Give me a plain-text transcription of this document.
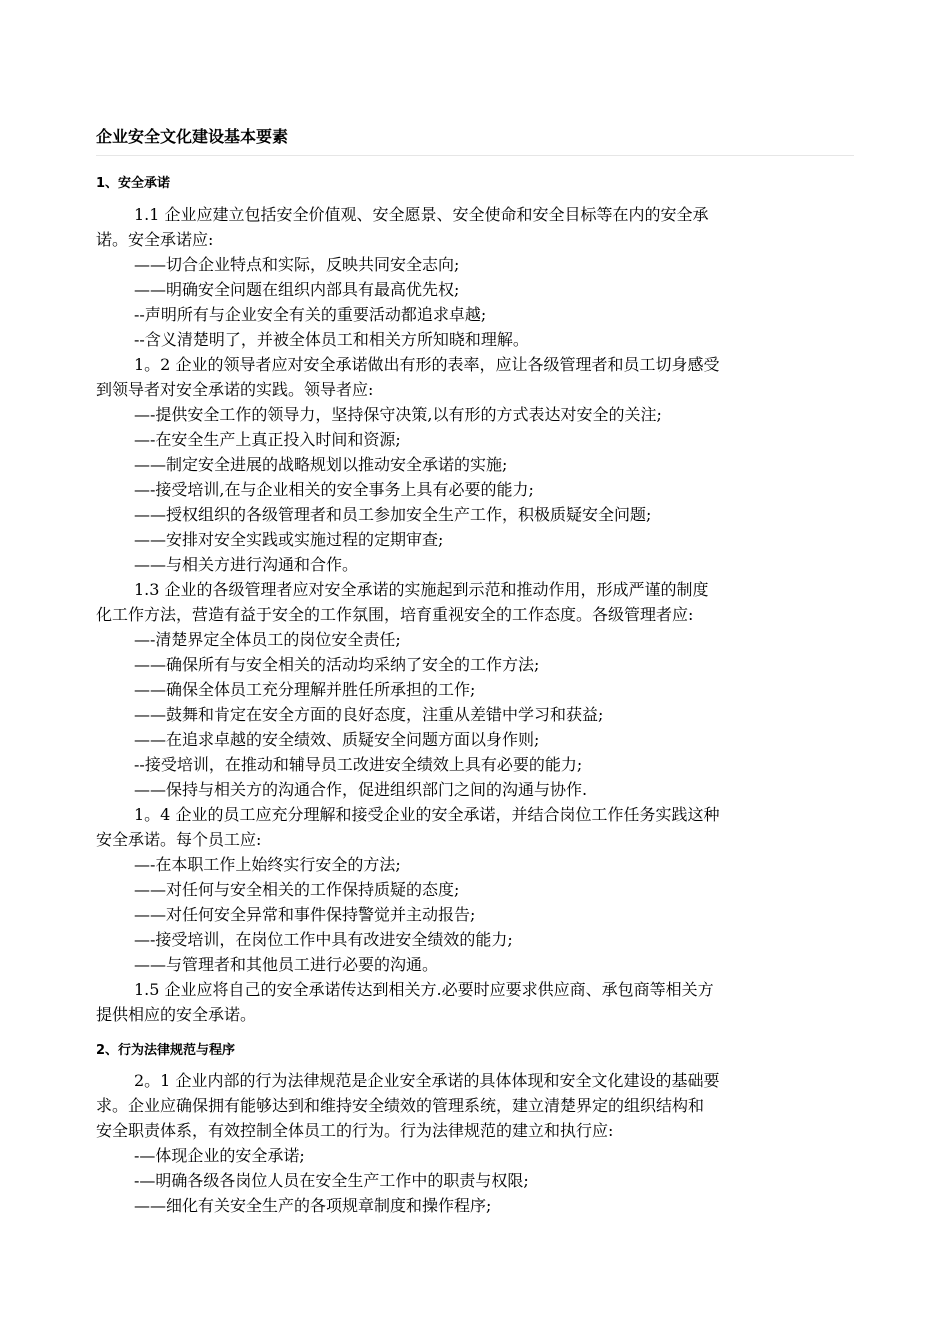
企业安全文化建设基本要素
1、安全承诺
1.1 企业应建立包括安全价值观、安全愿景、安全使命和安全目标等在内的安全承
诺。安全承诺应:
——切合企业特点和实际，反映共同安全志向;
——明确安全问题在组织内部具有最高优先权;
--声明所有与企业安全有关的重要活动都追求卓越;
--含义清楚明了，并被全体员工和相关方所知晓和理解。
1。2 企业的领导者应对安全承诺做出有形的表率，应让各级管理者和员工切身感受
到领导者对安全承诺的实践。领导者应:
—-提供安全工作的领导力，坚持保守决策,以有形的方式表达对安全的关注;
—-在安全生产上真正投入时间和资源;
——制定安全进展的战略规划以推动安全承诺的实施;
—-接受培训,在与企业相关的安全事务上具有必要的能力;
——授权组织的各级管理者和员工参加安全生产工作，积极质疑安全问题;
——安排对安全实践或实施过程的定期审查;
——与相关方进行沟通和合作。
1.3 企业的各级管理者应对安全承诺的实施起到示范和推动作用，形成严谨的制度
化工作方法，营造有益于安全的工作氛围，培育重视安全的工作态度。各级管理者应:
—-清楚界定全体员工的岗位安全责任;
——确保所有与安全相关的活动均采纳了安全的工作方法;
——确保全体员工充分理解并胜任所承担的工作;
——鼓舞和肯定在安全方面的良好态度，注重从差错中学习和获益;
——在追求卓越的安全绩效、质疑安全问题方面以身作则;
--接受培训，在推动和辅导员工改进安全绩效上具有必要的能力;
——保持与相关方的沟通合作，促进组织部门之间的沟通与协作.
1。4 企业的员工应充分理解和接受企业的安全承诺，并结合岗位工作任务实践这种
安全承诺。每个员工应:
—-在本职工作上始终实行安全的方法;
——对任何与安全相关的工作保持质疑的态度;
——对任何安全异常和事件保持警觉并主动报告;
—-接受培训，在岗位工作中具有改进安全绩效的能力;
——与管理者和其他员工进行必要的沟通。
1.5 企业应将自己的安全承诺传达到相关方.必要时应要求供应商、承包商等相关方
提供相应的安全承诺。
2、行为法律规范与程序
2。1 企业内部的行为法律规范是企业安全承诺的具体体现和安全文化建设的基础要
求。企业应确保拥有能够达到和维持安全绩效的管理系统，建立清楚界定的组织结构和
安全职责体系，有效控制全体员工的行为。行为法律规范的建立和执行应:
-—体现企业的安全承诺;
-—明确各级各岗位人员在安全生产工作中的职责与权限;
——细化有关安全生产的各项规章制度和操作程序;
